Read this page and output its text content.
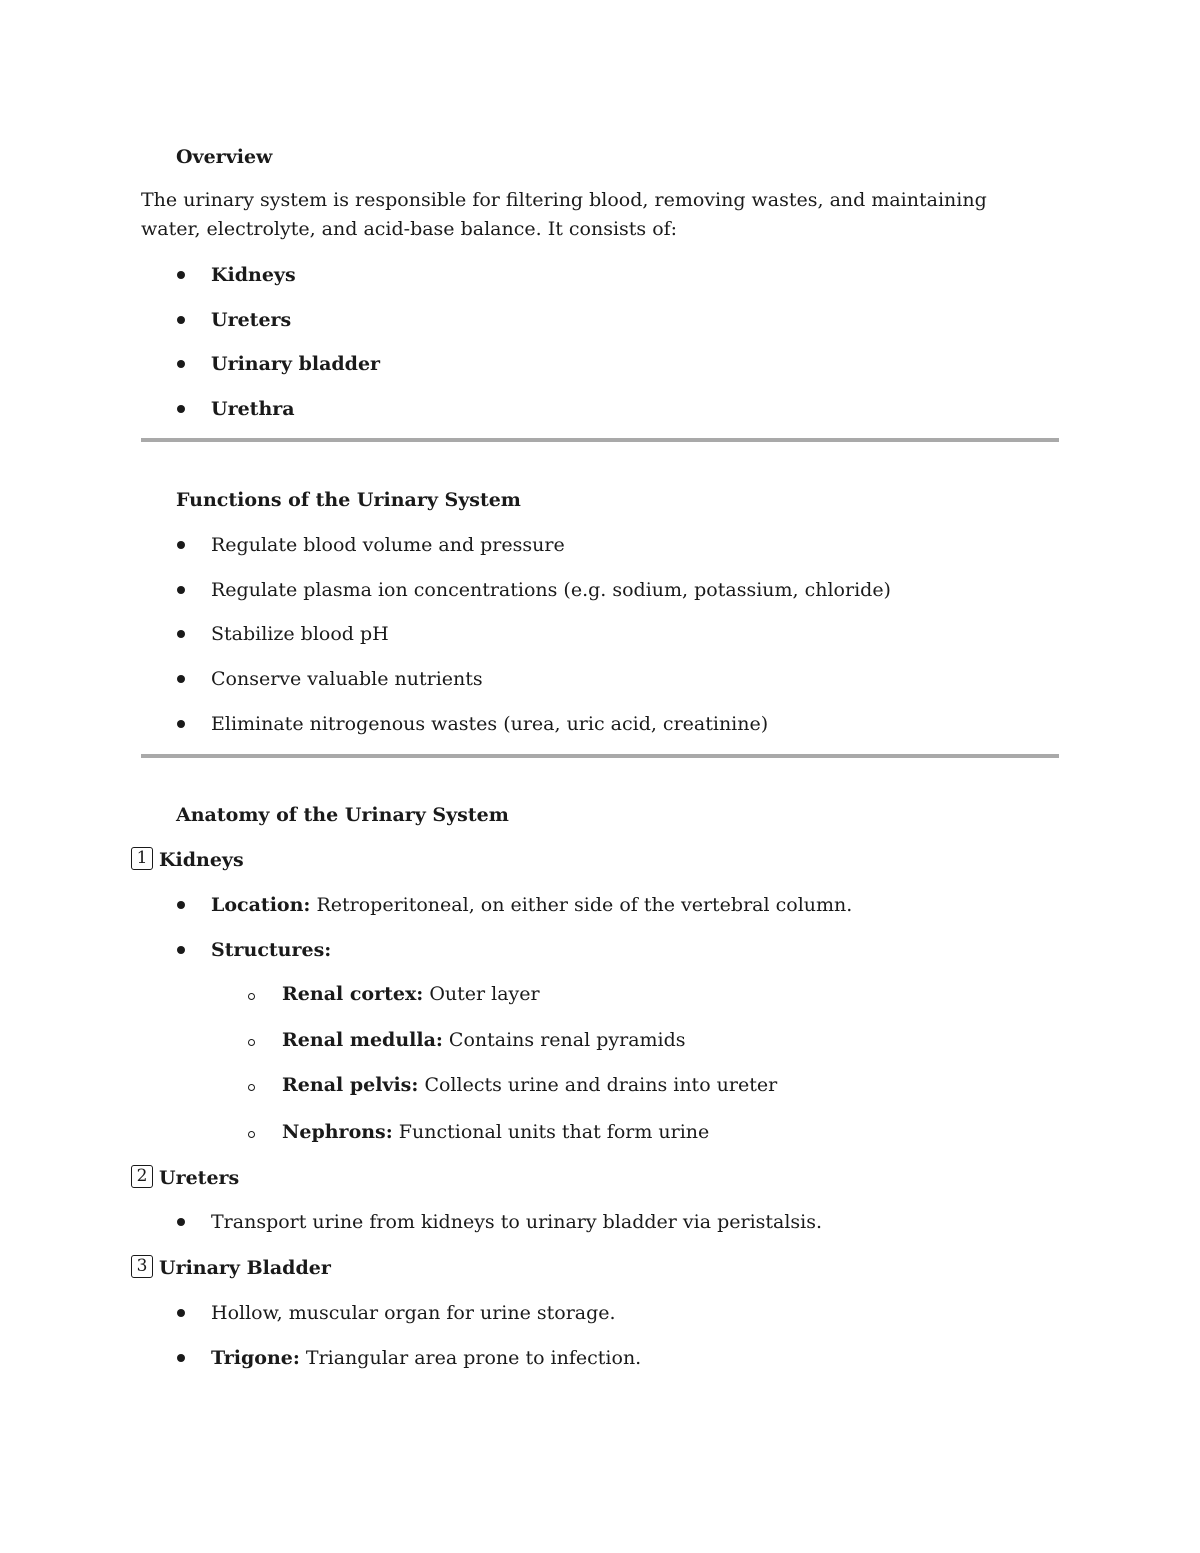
Overview
The urinary system is responsible for filtering blood, removing wastes, and maintaining water, electrolyte, and acid-base balance. It consists of:
Kidneys
Ureters
Urinary bladder
Urethra
Functions of the Urinary System
Regulate blood volume and pressure
Regulate plasma ion concentrations (e.g. sodium, potassium, chloride)
Stabilize blood pH
Conserve valuable nutrients
Eliminate nitrogenous wastes (urea, uric acid, creatinine)
Anatomy of the Urinary System
1 Kidneys
Location: Retroperitoneal, on either side of the vertebral column.
Structures:
Renal cortex: Outer layer
Renal medulla: Contains renal pyramids
Renal pelvis: Collects urine and drains into ureter
Nephrons: Functional units that form urine
2 Ureters
Transport urine from kidneys to urinary bladder via peristalsis.
3 Urinary Bladder
Hollow, muscular organ for urine storage.
Trigone: Triangular area prone to infection.
